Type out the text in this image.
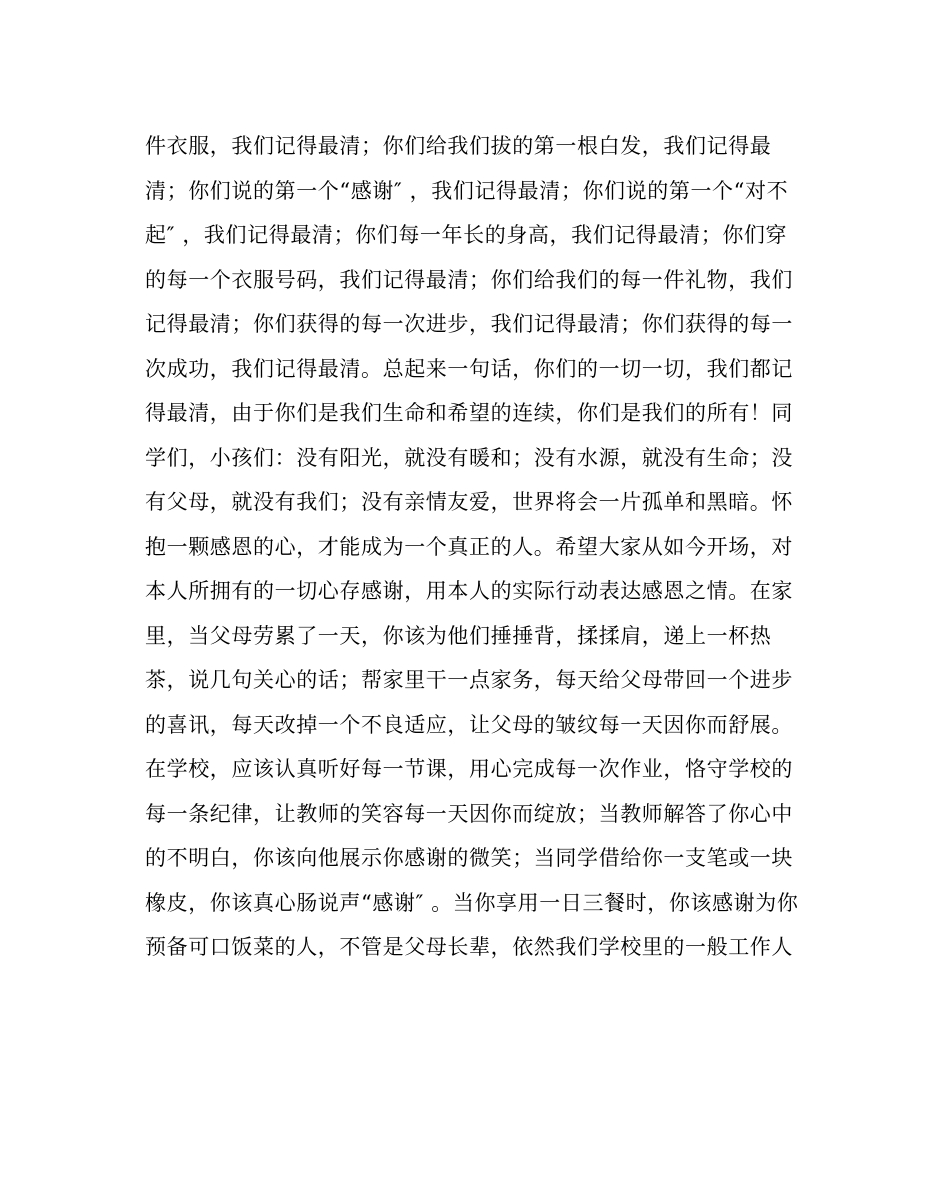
件衣服，我们记得最清；你们给我们拔的第一根白发，我们记得最
清；你们说的第一个“感谢″ ，我们记得最清；你们说的第一个“对不
起″ ，我们记得最清；你们每一年长的身高，我们记得最清；你们穿
的每一个衣服号码，我们记得最清；你们给我们的每一件礼物，我们
记得最清；你们获得的每一次进步，我们记得最清；你们获得的每一
次成功，我们记得最清。总起来一句话，你们的一切一切，我们都记
得最清，由于你们是我们生命和希望的连续，你们是我们的所有！同
学们，小孩们：没有阳光，就没有暖和；没有水源，就没有生命；没
有父母，就没有我们；没有亲情友爱，世界将会一片孤单和黑暗。怀
抱一颗感恩的心，才能成为一个真正的人。希望大家从如今开场，对
本人所拥有的一切心存感谢，用本人的实际行动表达感恩之情。在家
里，当父母劳累了一天，你该为他们捶捶背，揉揉肩，递上一杯热
茶，说几句关心的话；帮家里干一点家务，每天给父母带回一个进步
的喜讯，每天改掉一个不良适应，让父母的皱纹每一天因你而舒展。
在学校，应该认真听好每一节课，用心完成每一次作业，恪守学校的
每一条纪律，让教师的笑容每一天因你而绽放；当教师解答了你心中
的不明白，你该向他展示你感谢的微笑；当同学借给你一支笔或一块
橡皮，你该真心肠说声“感谢″ 。当你享用一日三餐时，你该感谢为你
预备可口饭菜的人，不管是父母长辈，依然我们学校里的一般工作人
